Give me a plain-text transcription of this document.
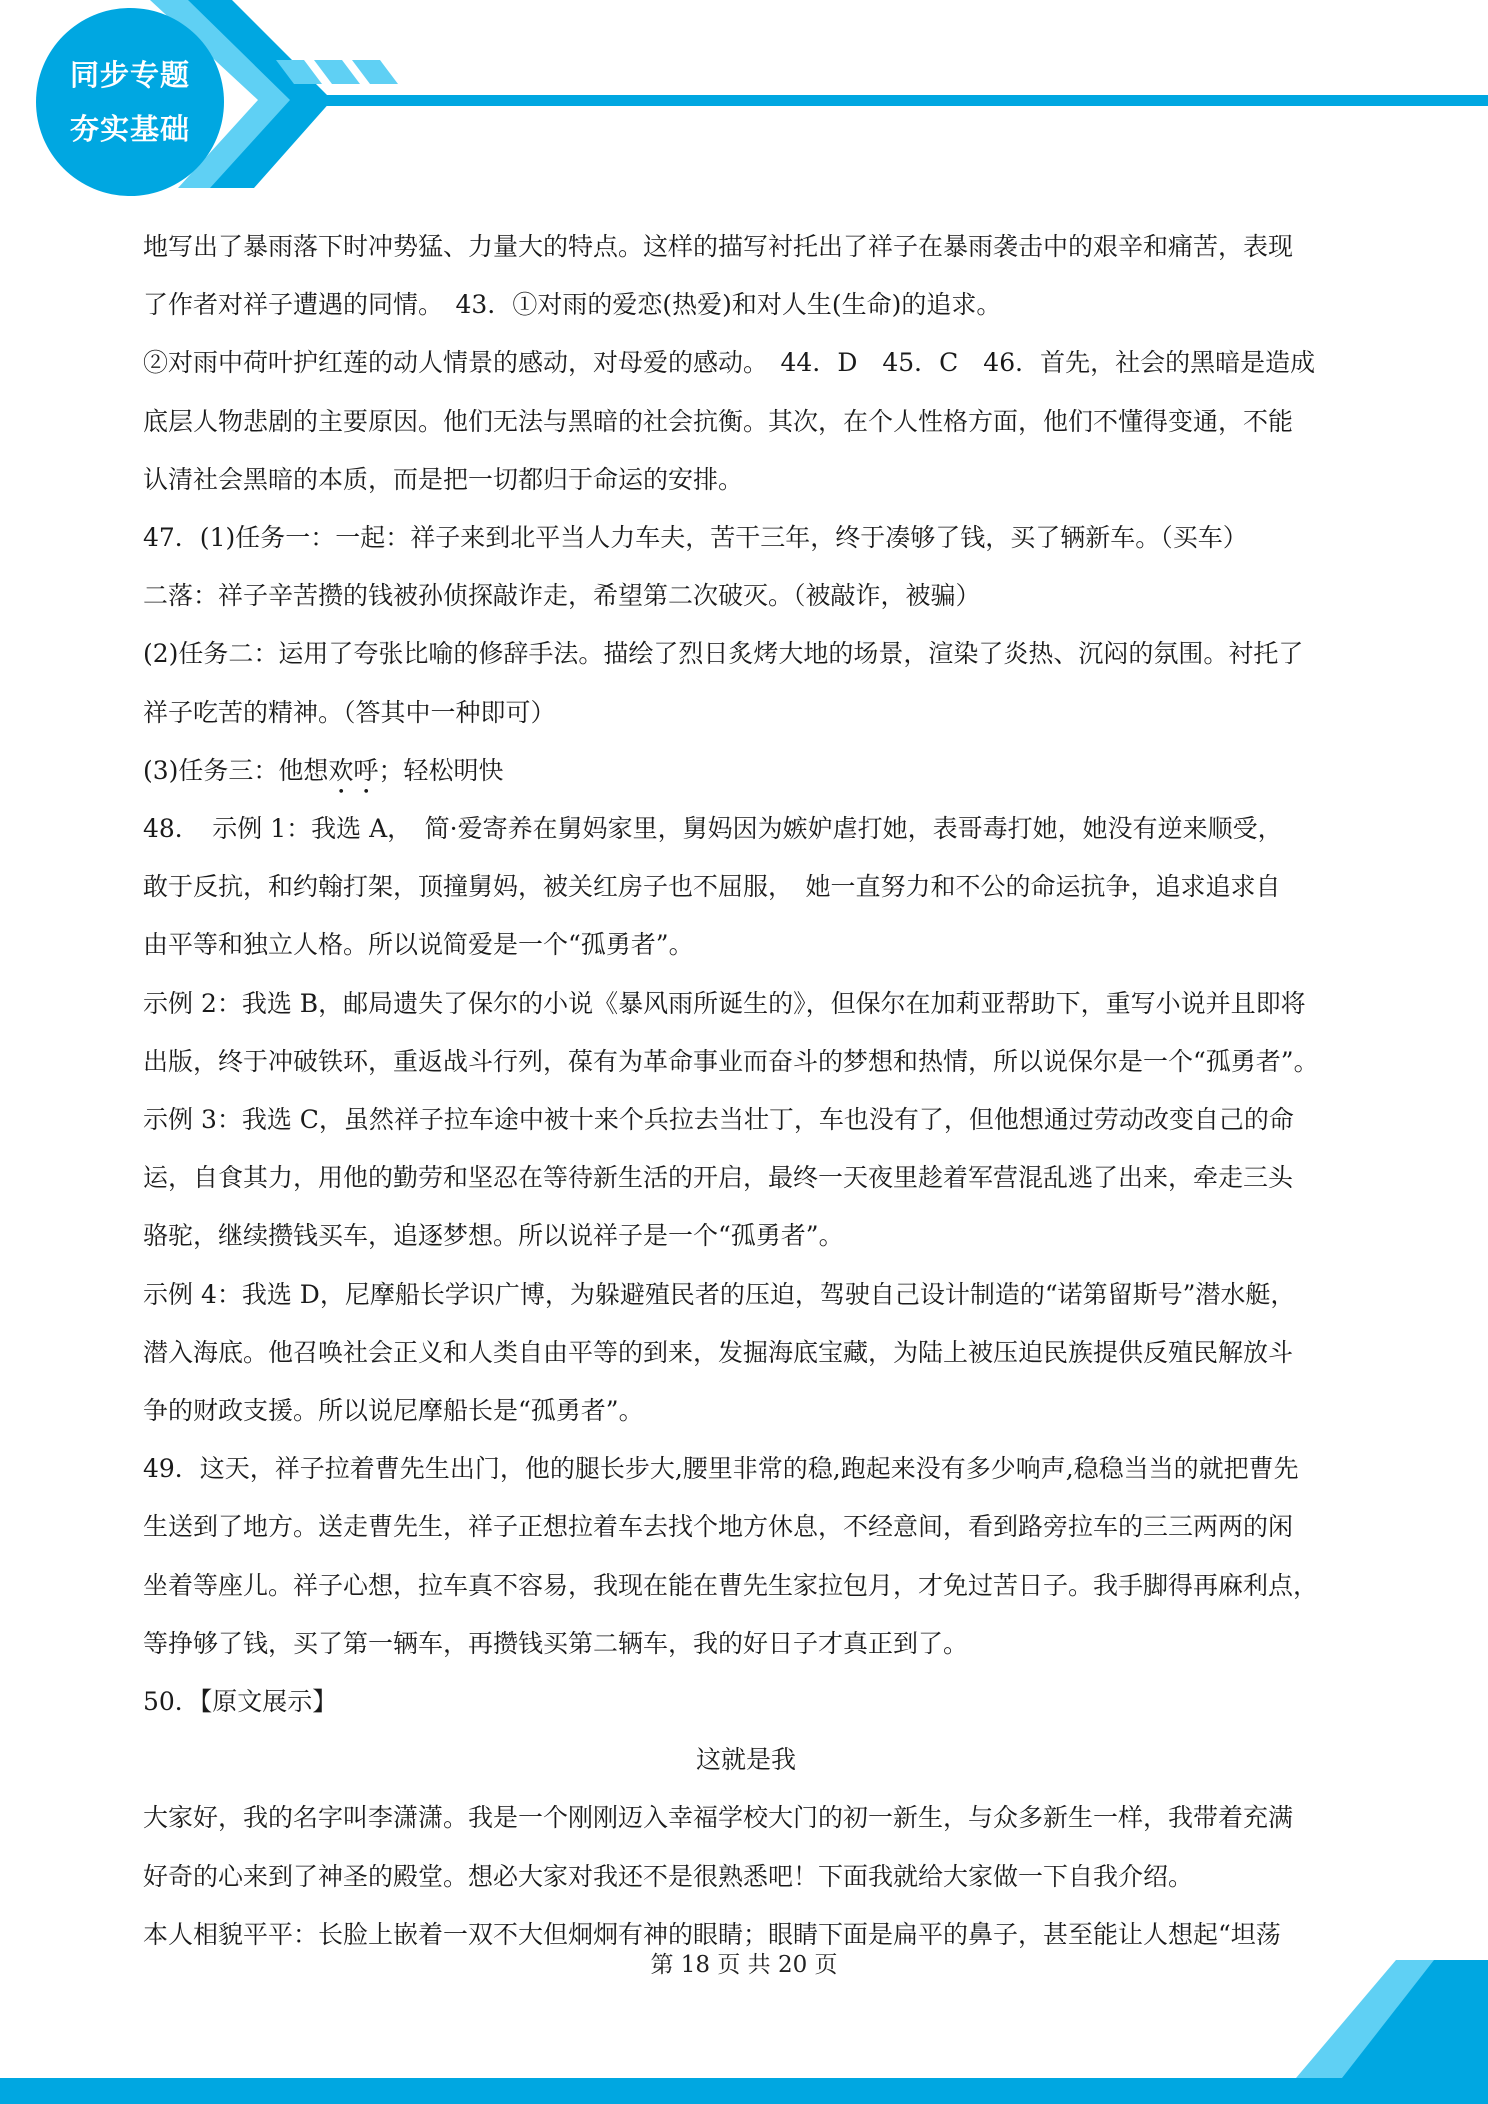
同步专题
夯实基础

地写出了暴雨落下时冲势猛、力量大的特点。这样的描写衬托出了祥子在暴雨袭击中的艰辛和痛苦，表现

了作者对祥子遭遇的同情。　43．①对雨的爱恋(热爱)和对人生(生命)的追求。

②对雨中荷叶护红莲的动人情景的感动，对母爱的感动。　44．D　45．C　46．首先，社会的黑暗是造成

底层人物悲剧的主要原因。他们无法与黑暗的社会抗衡。其次，在个人性格方面，他们不懂得变通，不能

认清社会黑暗的本质，而是把一切都归于命运的安排。

47．(1)任务一：一起：祥子来到北平当人力车夫，苦干三年，终于凑够了钱，买了辆新车。（买车）

二落：祥子辛苦攒的钱被孙侦探敲诈走，希望第二次破灭。（被敲诈，被骗）

(2)任务二：运用了夸张比喻的修辞手法。描绘了烈日炙烤大地的场景，渲染了炎热、沉闷的氛围。衬托了

祥子吃苦的精神。（答其中一种即可）

(3)任务三：他想欢呼；轻松明快

48．　示例 1：我选 A，　简·爱寄养在舅妈家里，舅妈因为嫉妒虐打她，表哥毒打她，她没有逆来顺受，

敢于反抗，和约翰打架，顶撞舅妈，被关红房子也不屈服，　她一直努力和不公的命运抗争，追求追求自

由平等和独立人格。所以说简爱是一个“孤勇者”。

示例 2：我选 B，邮局遗失了保尔的小说《暴风雨所诞生的》，但保尔在加莉亚帮助下，重写小说并且即将

出版，终于冲破铁环，重返战斗行列，葆有为革命事业而奋斗的梦想和热情，所以说保尔是一个“孤勇者”。

示例 3：我选 C，虽然祥子拉车途中被十来个兵拉去当壮丁，车也没有了，但他想通过劳动改变自己的命

运，自食其力，用他的勤劳和坚忍在等待新生活的开启，最终一天夜里趁着军营混乱逃了出来，牵走三头

骆驼，继续攒钱买车，追逐梦想。所以说祥子是一个“孤勇者”。

示例 4：我选 D，尼摩船长学识广博，为躲避殖民者的压迫，驾驶自己设计制造的“诺第留斯号”潜水艇，

潜入海底。他召唤社会正义和人类自由平等的到来，发掘海底宝藏，为陆上被压迫民族提供反殖民解放斗

争的财政支援。所以说尼摩船长是“孤勇者”。

49．这天，祥子拉着曹先生出门，他的腿长步大,腰里非常的稳,跑起来没有多少响声,稳稳当当的就把曹先

生送到了地方。送走曹先生，祥子正想拉着车去找个地方休息，不经意间，看到路旁拉车的三三两两的闲

坐着等座儿。祥子心想，拉车真不容易，我现在能在曹先生家拉包月，才免过苦日子。我手脚得再麻利点，

等挣够了钱，买了第一辆车，再攒钱买第二辆车，我的好日子才真正到了。

50．【原文展示】

这就是我

大家好，我的名字叫李潇潇。我是一个刚刚迈入幸福学校大门的初一新生，与众多新生一样，我带着充满

好奇的心来到了神圣的殿堂。想必大家对我还不是很熟悉吧！下面我就给大家做一下自我介绍。

本人相貌平平：长脸上嵌着一双不大但炯炯有神的眼睛；眼睛下面是扁平的鼻子，甚至能让人想起“坦荡

第 18 页 共 20 页
